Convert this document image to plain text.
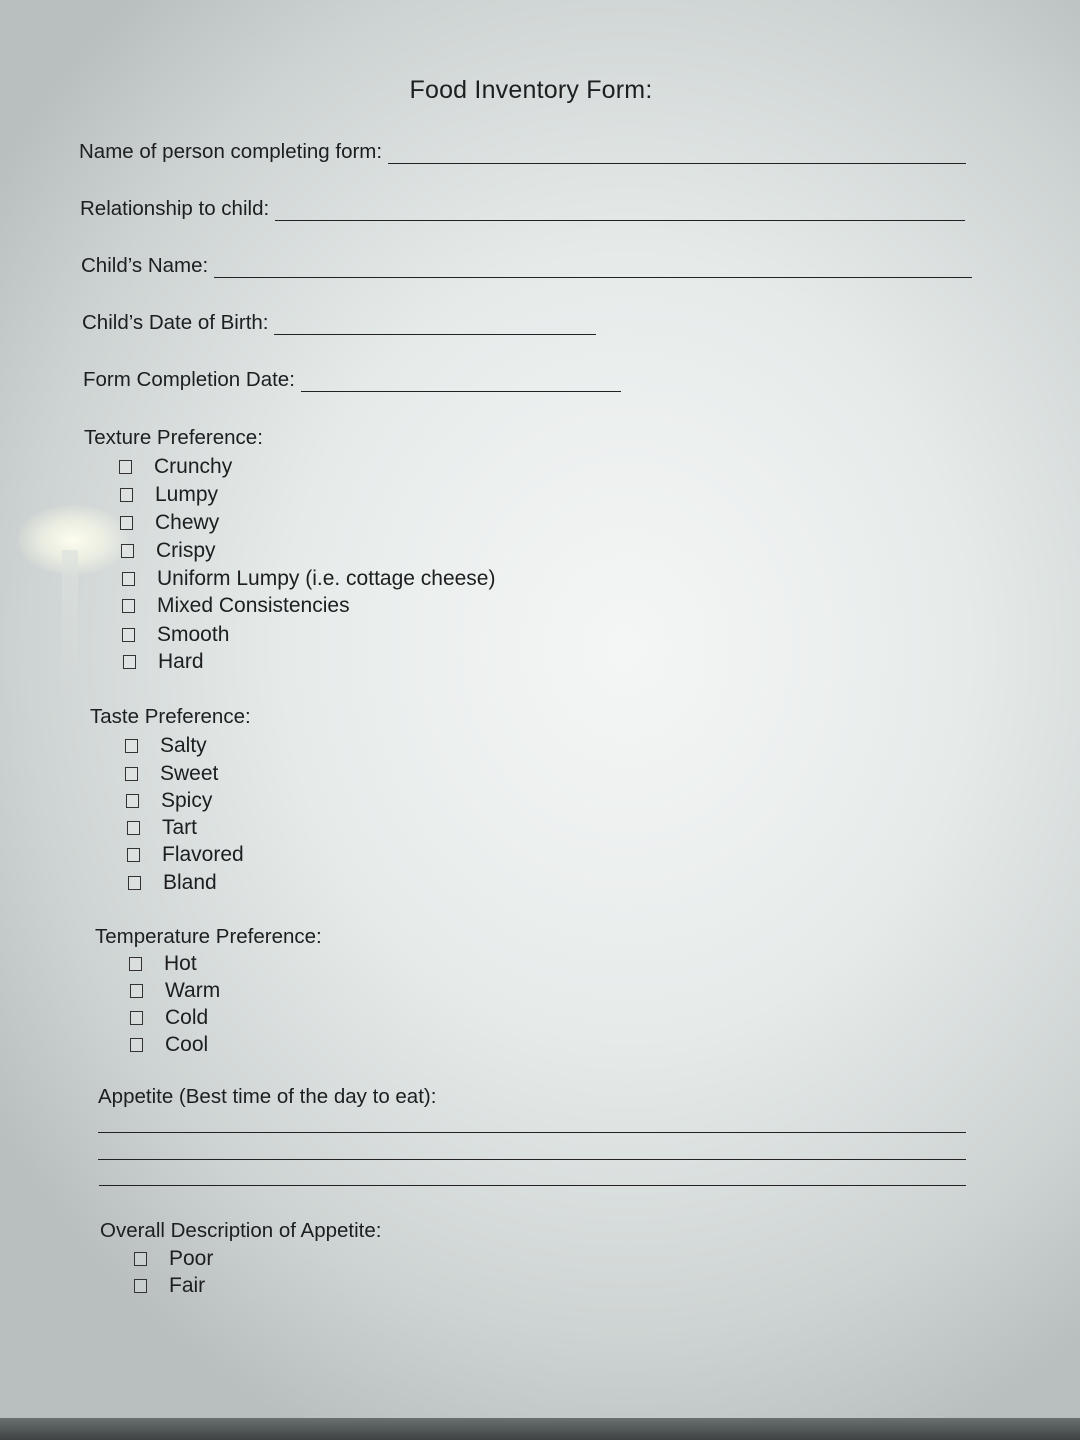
Food Inventory Form:
Name of person completing form:
Relationship to child:
Child’s Name:
Child’s Date of Birth:
Form Completion Date:
Texture Preference:
Crunchy
Lumpy
Chewy
Crispy
Uniform Lumpy (i.e. cottage cheese)
Mixed Consistencies
Smooth
Hard
Taste Preference:
Salty
Sweet
Spicy
Tart
Flavored
Bland
Temperature Preference:
Hot
Warm
Cold
Cool
Appetite (Best time of the day to eat):
Overall Description of Appetite:
Poor
Fair
